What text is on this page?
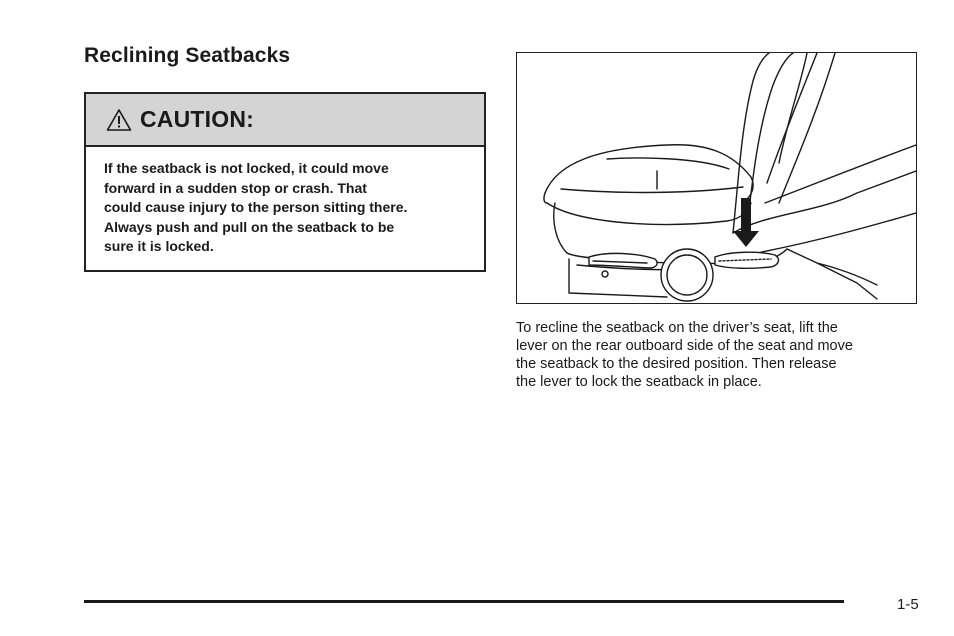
Reclining Seatbacks
CAUTION:
If the seatback is not locked, it could move
forward in a sudden stop or crash. That
could cause injury to the person sitting there.
Always push and pull on the seatback to be
sure it is locked.
To recline the seatback on the driver’s seat, lift the
lever on the rear outboard side of the seat and move
the seatback to the desired position. Then release
the lever to lock the seatback in place.
1-5
